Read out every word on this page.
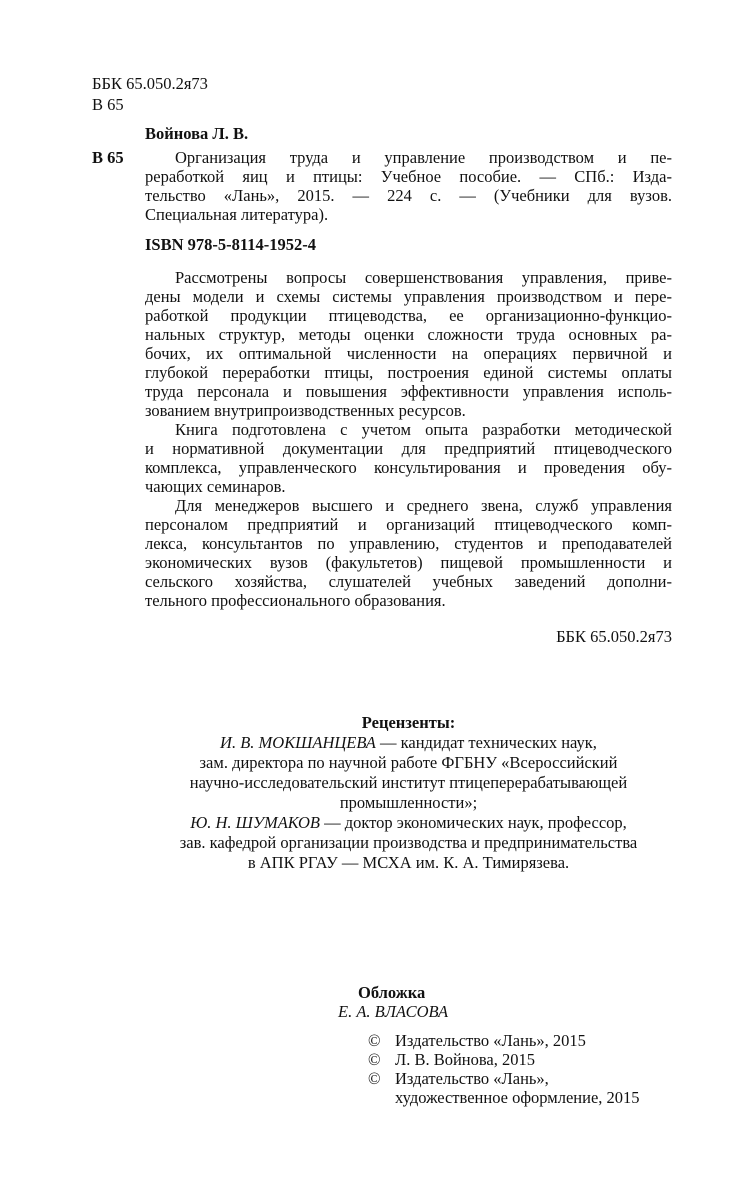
ББК 65.050.2я73
В 65
Войнова Л. В.
В 65	Организация труда и управление производством и пе-
реработкой яиц и птицы: Учебное пособие. — СПб.: Изда-
тельство «Лань», 2015. — 224 с. — (Учебники для вузов.
Специальная литература).
ISBN 978-5-8114-1952-4
Рассмотрены вопросы совершенствования управления, приве-
дены модели и схемы системы управления производством и пере-
работкой продукции птицеводства, ее организационно-функцио-
нальных структур, методы оценки сложности труда основных ра-
бочих, их оптимальной численности на операциях первичной и
глубокой переработки птицы, построения единой системы оплаты
труда персонала и повышения эффективности управления исполь-
зованием внутрипроизводственных ресурсов.
Книга подготовлена с учетом опыта разработки методической
и нормативной документации для предприятий птицеводческого
комплекса, управленческого консультирования и проведения обу-
чающих семинаров.
Для менеджеров высшего и среднего звена, служб управления
персоналом предприятий и организаций птицеводческого комп-
лекса, консультантов по управлению, студентов и преподавателей
экономических вузов (факультетов) пищевой промышленности и
сельского хозяйства, слушателей учебных заведений дополни-
тельного профессионального образования.
ББК 65.050.2я73
Рецензенты:
И. В. МОКШАНЦЕВА — кандидат технических наук,
зам. директора по научной работе ФГБНУ «Всероссийский
научно-исследовательский институт птицеперерабатывающей
промышленности»;
Ю. Н. ШУМАКОВ — доктор экономических наук, профессор,
зав. кафедрой организации производства и предпринимательства
в АПК РГАУ — МСХА им. К. А. Тимирязева.
Обложка
Е. А. ВЛАСОВА
© Издательство «Лань», 2015
© Л. В. Войнова, 2015
© Издательство «Лань»,
художественное оформление, 2015
